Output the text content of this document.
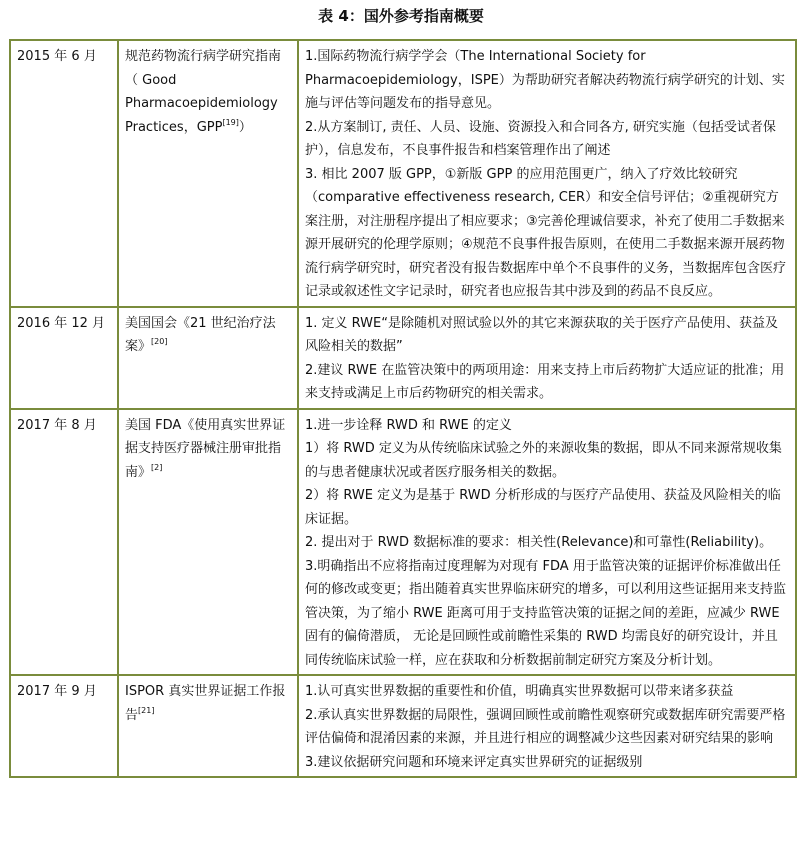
表 4：国外参考指南概要
2015 年 6 月	规范药物流行病学研究指南（ Good Pharmacoepidemiology Practices，GPP[19]）	1.国际药物流行病学学会（The International Society for Pharmacoepidemiology，ISPE）为帮助研究者解决药物流行病学研究的计划、实施与评估等问题发布的指导意见。

2.从方案制订, 责任、人员、设施、资源投入和合同各方, 研究实施（包括受试者保护），信息发布，不良事件报告和档案管理作出了阐述

3. 相比 2007 版 GPP，①新版 GPP 的应用范围更广，纳入了疗效比较研究（comparative effectiveness research, CER）和安全信号评估；②重视研究方案注册，对注册程序提出了相应要求；③完善伦理诚信要求，补充了使用二手数据来源开展研究的伦理学原则；④规范不良事件报告原则，在使用二手数据来源开展药物流行病学研究时，研究者没有报告数据库中单个不良事件的义务，当数据库包含医疗记录或叙述性文字记录时，研究者也应报告其中涉及到的药品不良反应。

2016 年 12 月	美国国会《21 世纪治疗法案》[20]	1. 定义 RWE“是除随机对照试验以外的其它来源获取的关于医疗产品使用、获益及风险相关的数据”

2.建议 RWE 在监管决策中的两项用途：用来支持上市后药物扩大适应证的批准；用来支持或满足上市后药物研究的相关需求。

2017 年 8 月	美国 FDA《使用真实世界证据支持医疗器械注册审批指南》[2]	1.进一步诠释 RWD 和 RWE 的定义

1）将 RWD 定义为从传统临床试验之外的来源收集的数据，即从不同来源常规收集的与患者健康状况或者医疗服务相关的数据。

2）将 RWE 定义为是基于 RWD 分析形成的与医疗产品使用、获益及风险相关的临床证据。

2. 提出对于 RWD 数据标准的要求：相关性(Relevance)和可靠性(Reliability)。

3.明确指出不应将指南过度理解为对现有 FDA 用于监管决策的证据评价标准做出任何的修改或变更；指出随着真实世界临床研究的增多，可以利用这些证据用来支持监管决策，为了缩小 RWE 距离可用于支持监管决策的证据之间的差距，应减少 RWE 固有的偏倚潜质， 无论是回顾性或前瞻性采集的 RWD 均需良好的研究设计，并且同传统临床试验一样，应在获取和分析数据前制定研究方案及分析计划。

2017 年 9 月	ISPOR 真实世界证据工作报告[21]	1.认可真实世界数据的重要性和价值，明确真实世界数据可以带来诸多获益

2.承认真实世界数据的局限性，强调回顾性或前瞻性观察研究或数据库研究需要严格评估偏倚和混淆因素的来源，并且进行相应的调整减少这些因素对研究结果的影响

3.建议依据研究问题和环境来评定真实世界研究的证据级别
